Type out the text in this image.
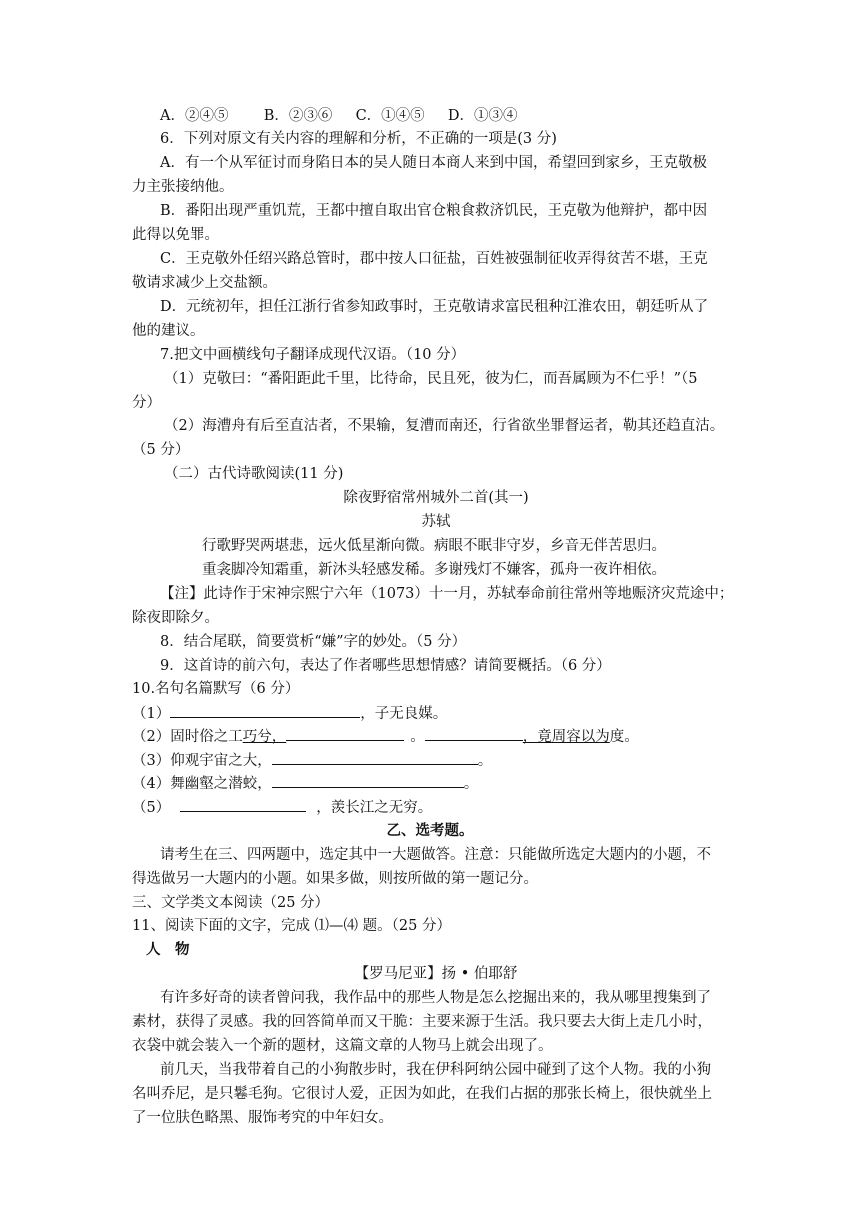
A．②④⑤ B．②③⑥ C．①④⑤ D．①③④
6．下列对原文有关内容的理解和分析，不正确的一项是(3 分)
A．有一个从军征讨而身陷日本的吴人随日本商人来到中国，希望回到家乡，王克敬极
力主张接纳他。
B．番阳出现严重饥荒，王都中擅自取出官仓粮食救济饥民，王克敬为他辩护，都中因
此得以免罪。
C．王克敬外任绍兴路总管时，郡中按人口征盐，百姓被强制征收弄得贫苦不堪，王克
敬请求减少上交盐额。
D．元统初年，担任江浙行省参知政事时，王克敬请求富民租种江淮农田，朝廷听从了
他的建议。
7.把文中画横线句子翻译成现代汉语。（10 分）
（1）克敬曰：“番阳距此千里，比待命，民且死，彼为仁，而吾属顾为不仁乎！”（5
分）
（2）海漕舟有后至直沽者，不果输，复漕而南还，行省欲坐罪督运者，勒其还趋直沽。
（5 分）
（二）古代诗歌阅读(11 分)
除夜野宿常州城外二首(其一)
苏轼
行歌野哭两堪悲，远火低星渐向微。病眼不眠非守岁，乡音无伴苦思归。
重衾脚冷知霜重，新沐头轻感发稀。多谢残灯不嫌客，孤舟一夜许相依。
【注】此诗作于宋神宗熙宁六年（1073）十一月，苏轼奉命前往常州等地赈济灾荒途中；
除夜即除夕。
8．结合尾联，简要赏析“嫌”字的妙处。（5 分）
9．这首诗的前六句，表达了作者哪些思想情感？请简要概括。（6 分）
10.名句名篇默写（6 分）
（1）	，子无良媒。
（2）固时俗之工巧兮，	。	，竟周容以为度。
（3）仰观宇宙之大，	。
（4）舞幽壑之潜蛟，	。
（5）	，羡长江之无穷。
乙、选考题。
请考生在三、四两题中，选定其中一大题做答。注意：只能做所选定大题内的小题，不
得选做另一大题内的小题。如果多做，则按所做的第一题记分。
三、文学类文本阅读（25 分）
11、阅读下面的文字，完成 ⑴—⑷ 题。（25 分）
人　物
【罗马尼亚】扬 • 伯耶舒
有许多好奇的读者曾问我，我作品中的那些人物是怎么挖掘出来的，我从哪里搜集到了
素材，获得了灵感。我的回答简单而又干脆：主要来源于生活。我只要去大街上走几小时，
衣袋中就会装入一个新的题材，这篇文章的人物马上就会出现了。
前几天，当我带着自己的小狗散步时，我在伊科阿纳公园中碰到了这个人物。我的小狗
名叫乔尼，是只鬈毛狗。它很讨人爱，正因为如此，在我们占据的那张长椅上，很快就坐上
了一位肤色略黑、服饰考究的中年妇女。
